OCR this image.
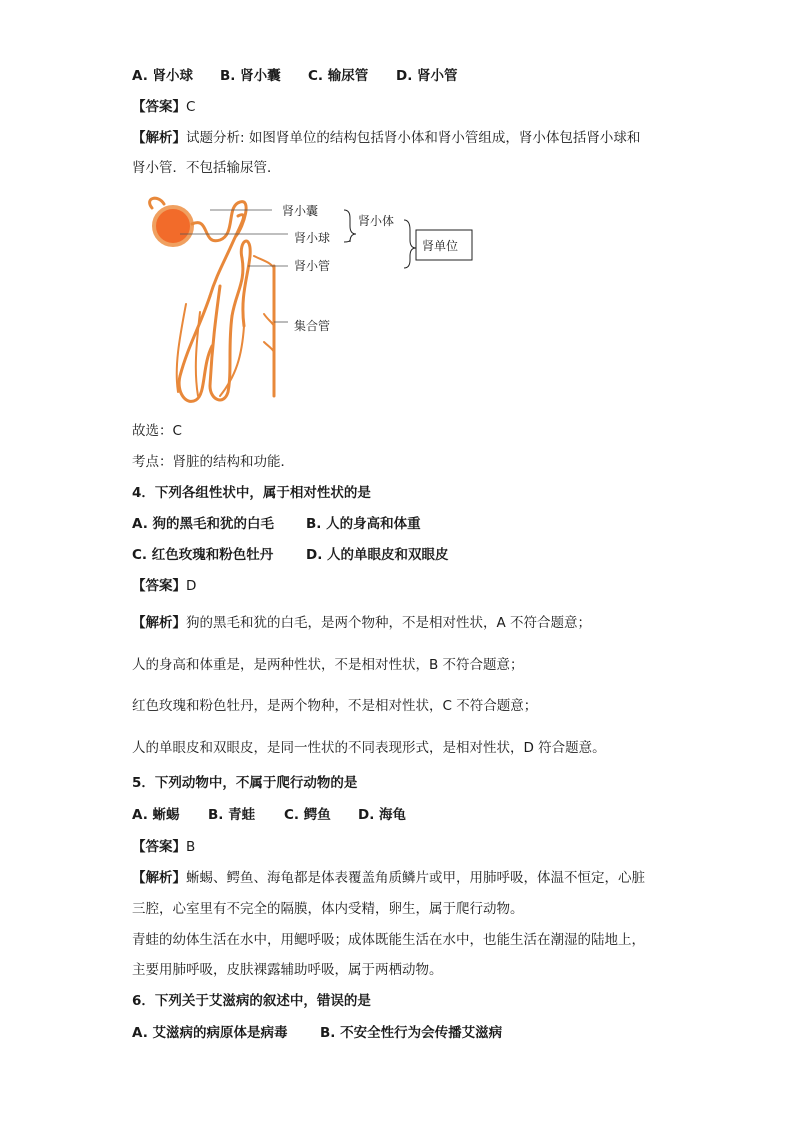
A. 肾小球 B. 肾小囊 C. 输尿管 D. 肾小管
【答案】C
【解析】试题分析: 如图肾单位的结构包括肾小体和肾小管组成，肾小体包括肾小球和
肾小管．不包括输尿管．
肾小囊
肾小球
肾小管
集合管
肾小体
肾单位
故选：C
考点：肾脏的结构和功能．
4．下列各组性状中，属于相对性状的是
A. 狗的黑毛和犹的白毛 B. 人的身高和体重
C. 红色玫瑰和粉色牡丹 D. 人的单眼皮和双眼皮
【答案】D
【解析】狗的黑毛和犹的白毛，是两个物种，不是相对性状，A 不符合题意；
人的身高和体重是，是两种性状，不是相对性状，B 不符合题意；
红色玫瑰和粉色牡丹，是两个物种，不是相对性状，C 不符合题意；
人的单眼皮和双眼皮，是同一性状的不同表现形式，是相对性状，D 符合题意。
5．下列动物中，不属于爬行动物的是
A. 蜥蜴 B. 青蛙 C. 鳄鱼 D. 海龟
【答案】B
【解析】蜥蜴、鳄鱼、海龟都是体表覆盖角质鳞片或甲，用肺呼吸，体温不恒定，心脏
三腔，心室里有不完全的隔膜，体内受精，卵生，属于爬行动物。
青蛙的幼体生活在水中，用鳃呼吸；成体既能生活在水中，也能生活在潮湿的陆地上，
主要用肺呼吸，皮肤裸露辅助呼吸，属于两栖动物。
6．下列关于艾滋病的叙述中，错误的是
A. 艾滋病的病原体是病毒 B. 不安全性行为会传播艾滋病
